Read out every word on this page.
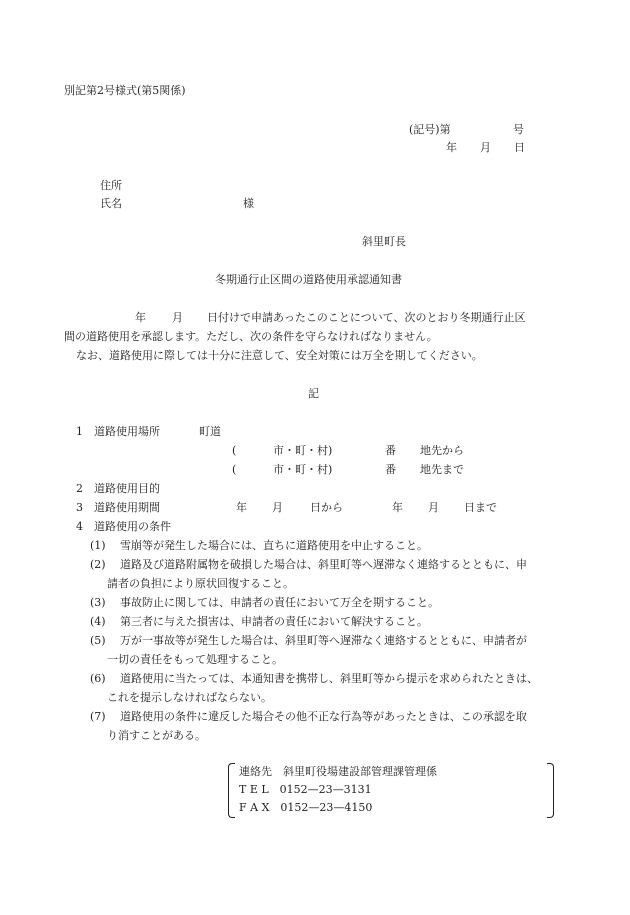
別記第2号様式(第5関係)
(記号)第	号
年 月 日
住所
氏名	様
斜里町長
冬期通行止区間の道路使用承認通知書
年 月 日付けで申請あったこのことについて、次のとおり冬期通行止区
間の道路使用を承認します。ただし、次の条件を守らなければなりません。
なお、道路使用に際しては十分に注意して、安全対策には万全を期してください。
記
1 道路使用場所	町道
(	市・町・村)	番 地先から
(	市・町・村)	番 地先まで
2 道路使用目的
3 道路使用期間	年 月 日から	年 月 日まで
4 道路使用の条件
(1) 雪崩等が発生した場合には、直ちに道路使用を中止すること。
(2) 道路及び道路附属物を破損した場合は、斜里町等へ遅滞なく連絡するとともに、申
請者の負担により原状回復すること。
(3) 事故防止に関しては、申請者の責任において万全を期すること。
(4) 第三者に与えた損害は、申請者の責任において解決すること。
(5) 万が一事故等が発生した場合は、斜里町等へ遅滞なく連絡するとともに、申請者が
一切の責任をもって処理すること。
(6) 道路使用に当たっては、本通知書を携帯し、斜里町等から提示を求められたときは、
これを提示しなければならない。
(7) 道路使用の条件に違反した場合その他不正な行為等があったときは、この承認を取
り消すことがある。
連絡先　斜里町役場建設部管理課管理係
T E L　0152—23—3131
F A X　0152—23—4150
